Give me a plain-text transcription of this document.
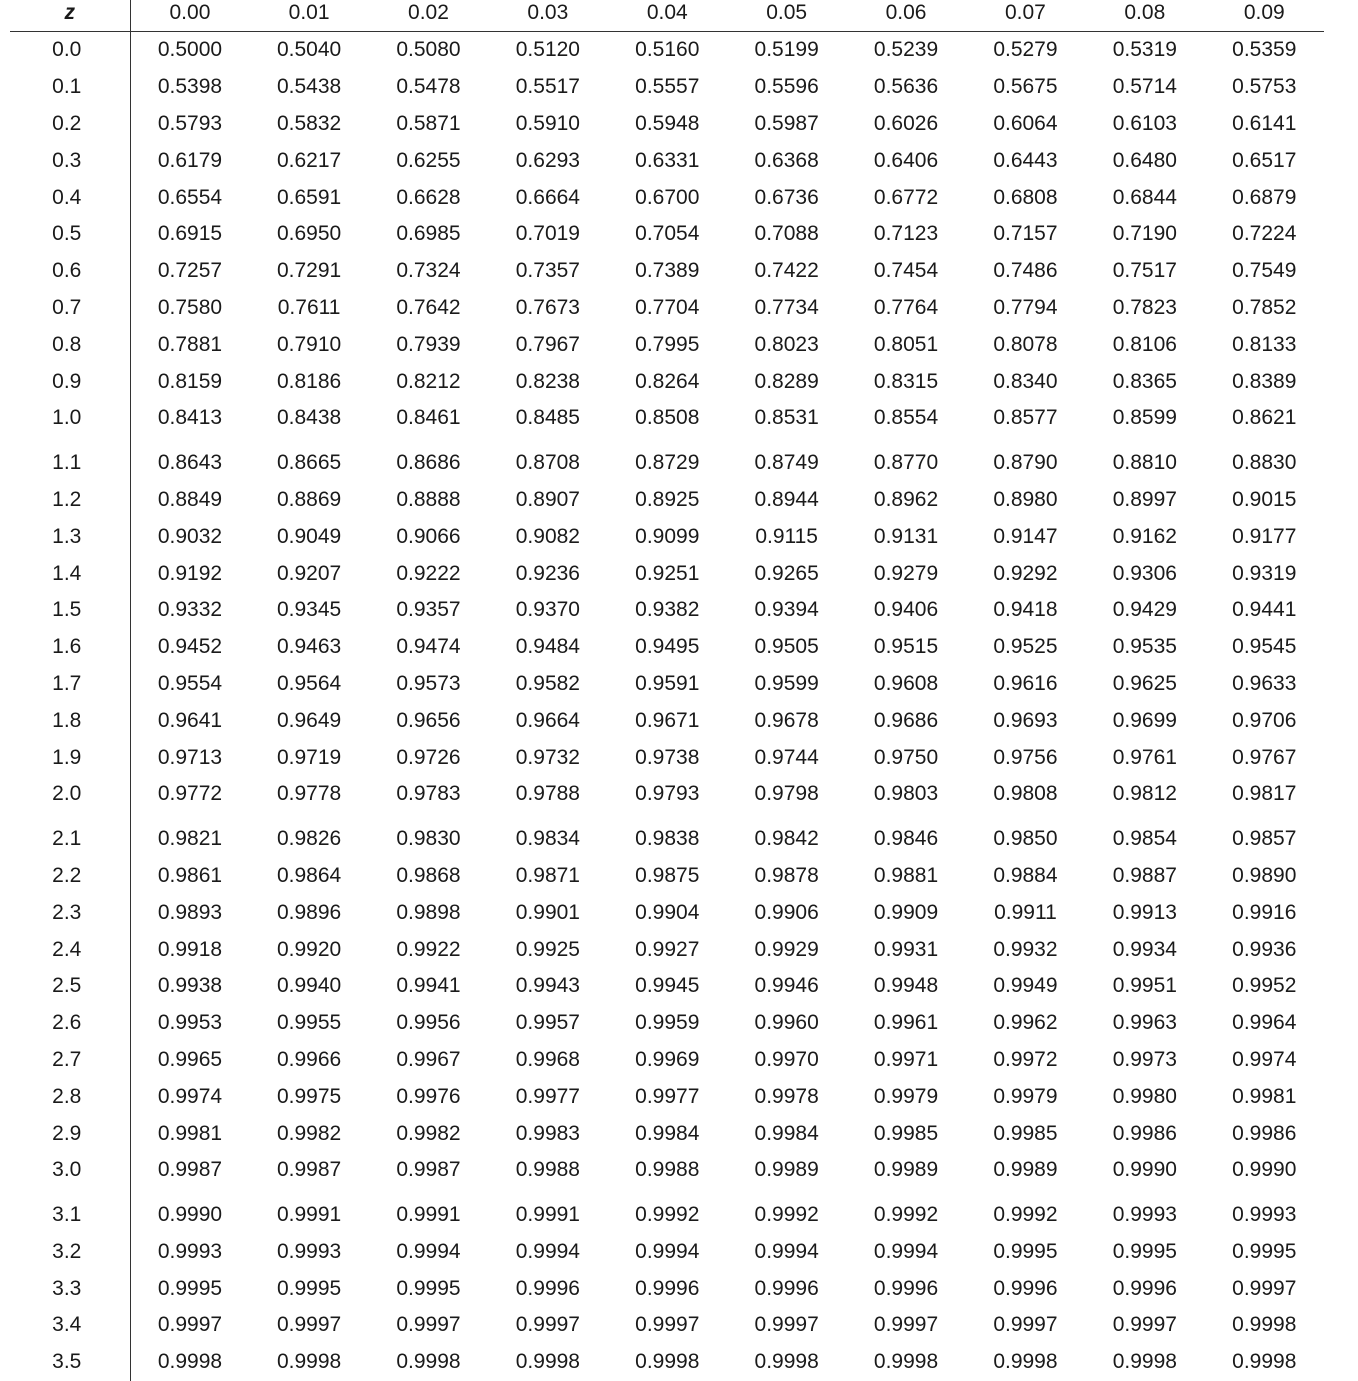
z	0.00	0.01	0.02	0.03	0.04	0.05	0.06	0.07	0.08	0.09
0.0	0.5000	0.5040	0.5080	0.5120	0.5160	0.5199	0.5239	0.5279	0.5319	0.5359
0.1	0.5398	0.5438	0.5478	0.5517	0.5557	0.5596	0.5636	0.5675	0.5714	0.5753
0.2	0.5793	0.5832	0.5871	0.5910	0.5948	0.5987	0.6026	0.6064	0.6103	0.6141
0.3	0.6179	0.6217	0.6255	0.6293	0.6331	0.6368	0.6406	0.6443	0.6480	0.6517
0.4	0.6554	0.6591	0.6628	0.6664	0.6700	0.6736	0.6772	0.6808	0.6844	0.6879
0.5	0.6915	0.6950	0.6985	0.7019	0.7054	0.7088	0.7123	0.7157	0.7190	0.7224
0.6	0.7257	0.7291	0.7324	0.7357	0.7389	0.7422	0.7454	0.7486	0.7517	0.7549
0.7	0.7580	0.7611	0.7642	0.7673	0.7704	0.7734	0.7764	0.7794	0.7823	0.7852
0.8	0.7881	0.7910	0.7939	0.7967	0.7995	0.8023	0.8051	0.8078	0.8106	0.8133
0.9	0.8159	0.8186	0.8212	0.8238	0.8264	0.8289	0.8315	0.8340	0.8365	0.8389
1.0	0.8413	0.8438	0.8461	0.8485	0.8508	0.8531	0.8554	0.8577	0.8599	0.8621
1.1	0.8643	0.8665	0.8686	0.8708	0.8729	0.8749	0.8770	0.8790	0.8810	0.8830
1.2	0.8849	0.8869	0.8888	0.8907	0.8925	0.8944	0.8962	0.8980	0.8997	0.9015
1.3	0.9032	0.9049	0.9066	0.9082	0.9099	0.9115	0.9131	0.9147	0.9162	0.9177
1.4	0.9192	0.9207	0.9222	0.9236	0.9251	0.9265	0.9279	0.9292	0.9306	0.9319
1.5	0.9332	0.9345	0.9357	0.9370	0.9382	0.9394	0.9406	0.9418	0.9429	0.9441
1.6	0.9452	0.9463	0.9474	0.9484	0.9495	0.9505	0.9515	0.9525	0.9535	0.9545
1.7	0.9554	0.9564	0.9573	0.9582	0.9591	0.9599	0.9608	0.9616	0.9625	0.9633
1.8	0.9641	0.9649	0.9656	0.9664	0.9671	0.9678	0.9686	0.9693	0.9699	0.9706
1.9	0.9713	0.9719	0.9726	0.9732	0.9738	0.9744	0.9750	0.9756	0.9761	0.9767
2.0	0.9772	0.9778	0.9783	0.9788	0.9793	0.9798	0.9803	0.9808	0.9812	0.9817
2.1	0.9821	0.9826	0.9830	0.9834	0.9838	0.9842	0.9846	0.9850	0.9854	0.9857
2.2	0.9861	0.9864	0.9868	0.9871	0.9875	0.9878	0.9881	0.9884	0.9887	0.9890
2.3	0.9893	0.9896	0.9898	0.9901	0.9904	0.9906	0.9909	0.9911	0.9913	0.9916
2.4	0.9918	0.9920	0.9922	0.9925	0.9927	0.9929	0.9931	0.9932	0.9934	0.9936
2.5	0.9938	0.9940	0.9941	0.9943	0.9945	0.9946	0.9948	0.9949	0.9951	0.9952
2.6	0.9953	0.9955	0.9956	0.9957	0.9959	0.9960	0.9961	0.9962	0.9963	0.9964
2.7	0.9965	0.9966	0.9967	0.9968	0.9969	0.9970	0.9971	0.9972	0.9973	0.9974
2.8	0.9974	0.9975	0.9976	0.9977	0.9977	0.9978	0.9979	0.9979	0.9980	0.9981
2.9	0.9981	0.9982	0.9982	0.9983	0.9984	0.9984	0.9985	0.9985	0.9986	0.9986
3.0	0.9987	0.9987	0.9987	0.9988	0.9988	0.9989	0.9989	0.9989	0.9990	0.9990
3.1	0.9990	0.9991	0.9991	0.9991	0.9992	0.9992	0.9992	0.9992	0.9993	0.9993
3.2	0.9993	0.9993	0.9994	0.9994	0.9994	0.9994	0.9994	0.9995	0.9995	0.9995
3.3	0.9995	0.9995	0.9995	0.9996	0.9996	0.9996	0.9996	0.9996	0.9996	0.9997
3.4	0.9997	0.9997	0.9997	0.9997	0.9997	0.9997	0.9997	0.9997	0.9997	0.9998
3.5	0.9998	0.9998	0.9998	0.9998	0.9998	0.9998	0.9998	0.9998	0.9998	0.9998
